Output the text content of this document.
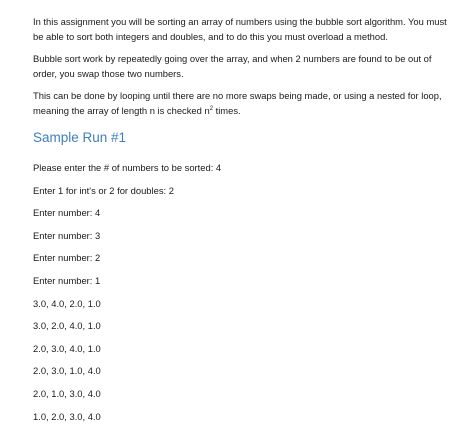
In this assignment you will be sorting an array of numbers using the bubble sort algorithm. You must be able to sort both integers and doubles, and to do this you must overload a method.

Bubble sort work by repeatedly going over the array, and when 2 numbers are found to be out of order, you swap those two numbers.

This can be done by looping until there are no more swaps being made, or using a nested for loop, meaning the array of length n is checked $n^2$ times.

Sample Run #1
Please enter the # of numbers to be sorted: 4
Enter 1 for int's or 2 for doubles: 2
Enter number: 4
Enter number: 3
Enter number: 2
Enter number: 1
3.0, 4.0, 2.0, 1.0
3.0, 2.0, 4.0, 1.0
2.0, 3.0, 4.0, 1.0
2.0, 3.0, 1.0, 4.0
2.0, 1.0, 3.0, 4.0
1.0, 2.0, 3.0, 4.0
